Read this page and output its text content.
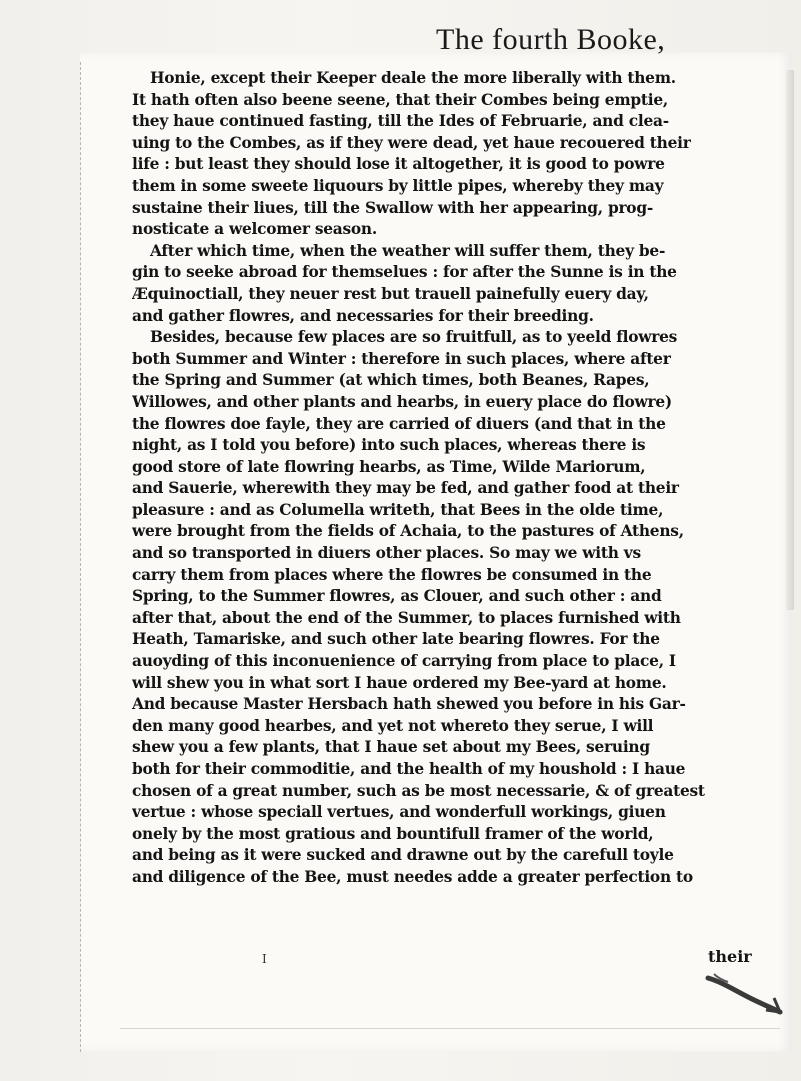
The fourth Booke,
Honie, except their Keeper deale the more liberally with them.
It hath often also beene seene, that their Combes being emptie,
they haue continued fasting, till the Ides of Februarie, and clea-
uing to the Combes, as if they were dead, yet haue recouered their
life : but least they should lose it altogether, it is good to powre
them in some sweete liquours by little pipes, whereby they may
sustaine their liues, till the Swallow with her appearing, prog-
nosticate a welcomer season.
After which time, when the weather will suffer them, they be-
gin to seeke abroad for themselues : for after the Sunne is in the
Æquinoctiall, they neuer rest but trauell painefully euery day,
and gather flowres, and necessaries for their breeding.
Besides, because few places are so fruitfull, as to yeeld flowres
both Summer and Winter : therefore in such places, where after
the Spring and Summer (at which times, both Beanes, Rapes,
Willowes, and other plants and hearbs, in euery place do flowre)
the flowres doe fayle, they are carried of diuers (and that in the
night, as I told you before) into such places, whereas there is
good store of late flowring hearbs, as Time, Wilde Mariorum,
and Sauerie, wherewith they may be fed, and gather food at their
pleasure : and as Columella writeth, that Bees in the olde time,
were brought from the fields of Achaia, to the pastures of Athens,
and so transported in diuers other places. So may we with vs
carry them from places where the flowres be consumed in the
Spring, to the Summer flowres, as Clouer, and such other : and
after that, about the end of the Summer, to places furnished with
Heath, Tamariske, and such other late bearing flowres. For the
auoyding of this inconuenience of carrying from place to place, I
will shew you in what sort I haue ordered my Bee-yard at home.
And because Master Hersbach hath shewed you before in his Gar-
den many good hearbes, and yet not whereto they serue, I will
shew you a few plants, that I haue set about my Bees, seruing
both for their commoditie, and the health of my houshold : I haue
chosen of a great number, such as be most necessarie, & of greatest
vertue : whose speciall vertues, and wonderfull workings, giuen
onely by the most gratious and bountifull framer of the world,
and being as it were sucked and drawne out by the carefull toyle
and diligence of the Bee, must needes adde a greater perfection to
I	their
